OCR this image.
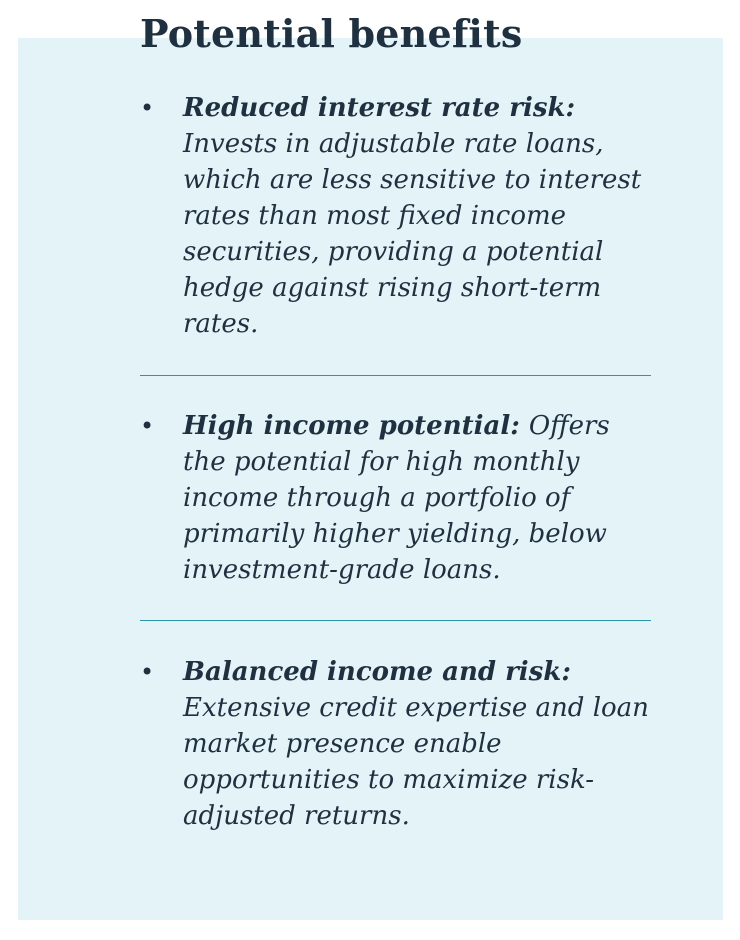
Potential benefits
• Reduced interest rate risk: Invests in adjustable rate loans, which are less sensitive to interest rates than most fixed income securities, providing a potential hedge against rising short-term rates.
• High income potential: Offers the potential for high monthly income through a portfolio of primarily higher yielding, below investment-grade loans.
• Balanced income and risk: Extensive credit expertise and loan market presence enable opportunities to maximize risk-adjusted returns.
